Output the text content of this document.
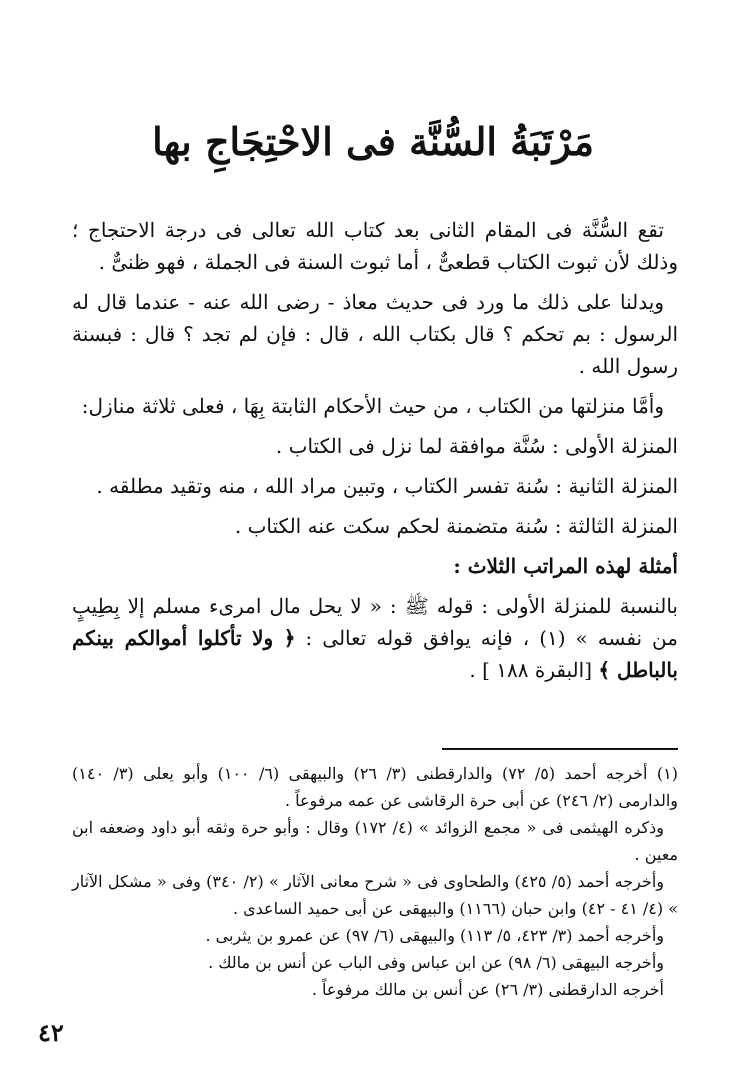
مَرْتَبَةُ السُّنَّة فى الاحْتِجَاجِ بها

تقع السُّنَّة فى المقام الثانى بعد كتاب الله تعالى فى درجة الاحتجاج ؛ وذلك لأن ثبوت الكتاب قطعىٌّ ، أما ثبوت السنة فى الجملة ، فهو ظنىٌّ .

ويدلنا على ذلك ما ورد فى حديث معاذ - رضى الله عنه - عندما قال له الرسول : بم تحكم ؟ قال بكتاب الله ، قال : فإن لم تجد ؟ قال : فبسنة رسول الله .

وأمَّا منزلتها من الكتاب ، من حيث الأحكام الثابتة بِهَا ، فعلى ثلاثة منازل:

المنزلة الأولى : سُنَّة موافقة لما نزل فى الكتاب .

المنزلة الثانية : سُنة تفسر الكتاب ، وتبين مراد الله ، منه وتقيد مطلقه .

المنزلة الثالثة : سُنة متضمنة لحكم سكت عنه الكتاب .

أمثلة لهذه المراتب الثلاث :

بالنسبة للمنزلة الأولى : قوله ﷺ : « لا يحل مال امرىء مسلم إلا بِطِيبٍ من نفسه » (١) ، فإنه يوافق قوله تعالى : ﴿ ولا تأكلوا أموالكم بينكم بالباطل ﴾ [البقرة ١٨٨ ] .

(١) أخرجه أحمد (٥/ ٧٢) والدارقطنى (٣/ ٢٦) والبيهقى (٦/ ١٠٠) وأبو يعلى (٣/ ١٤٠) والدارمى (٢/ ٢٤٦) عن أبى حرة الرقاشى عن عمه مرفوعاً .

وذكره الهيثمى فى « مجمع الزوائد » (٤/ ١٧٢) وقال : وأبو حرة وثقه أبو داود وضعفه ابن معين .

وأخرجه أحمد (٥/ ٤٢٥) والطحاوى فى « شرح معانى الآثار » (٢/ ٣٤٠) وفى « مشكل الآثار » (٤/ ٤١ - ٤٢) وابن حبان (١١٦٦) والبيهقى عن أبى حميد الساعدى .

وأخرجه أحمد (٣/ ٤٢٣، ٥/ ١١٣) والبيهقى (٦/ ٩٧) عن عمرو بن يثربى .

وأخرجه البيهقى (٦/ ٩٨) عن ابن عباس وفى الباب عن أنس بن مالك .

أخرجه الدارقطنى (٣/ ٢٦) عن أنس بن مالك مرفوعاً .

٤٢
